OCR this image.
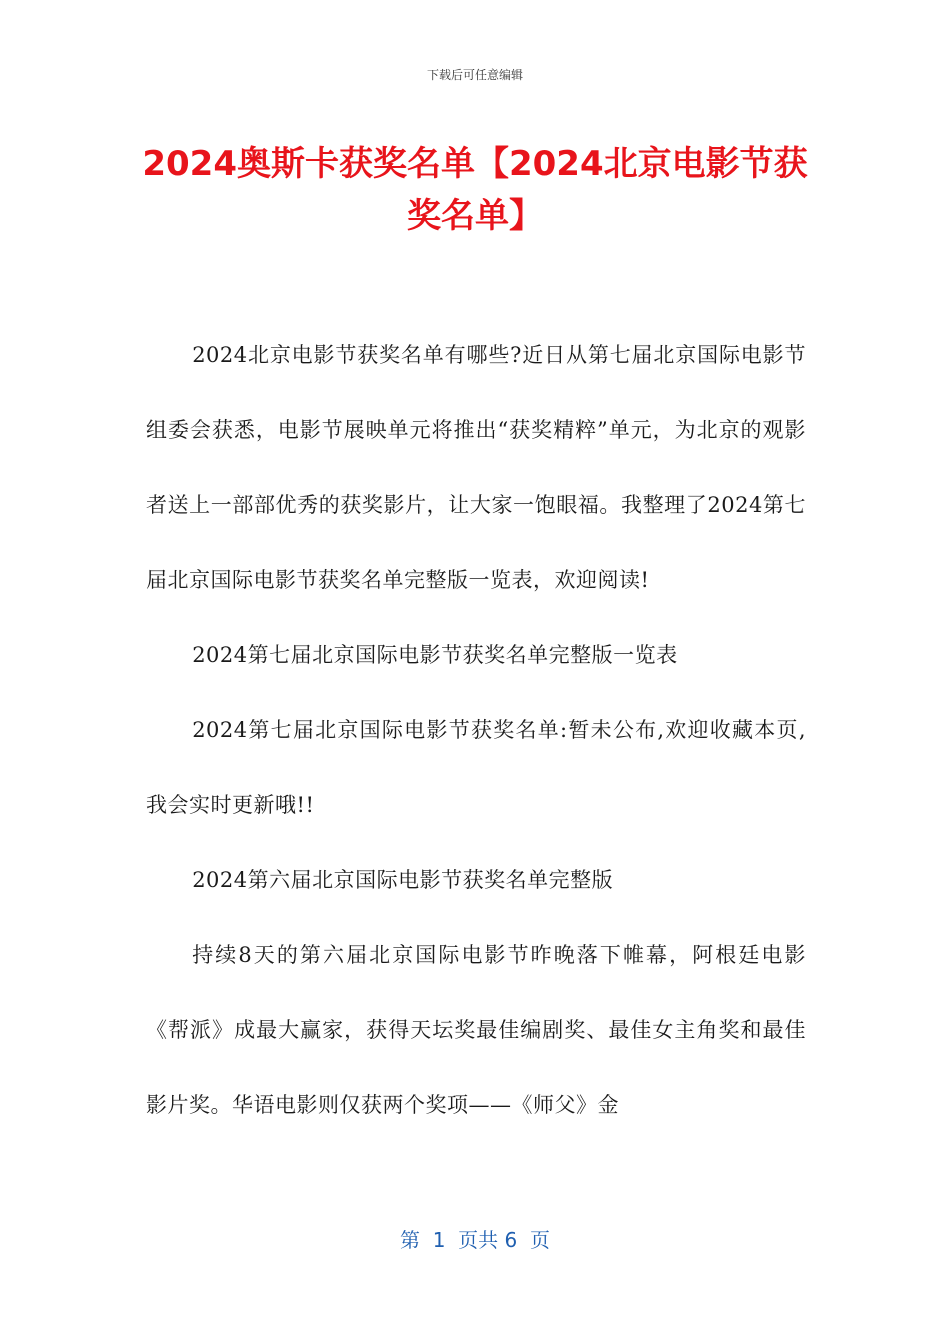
下载后可任意编辑
2024奥斯卡获奖名单【2024北京电影节获奖名单】

2024北京电影节获奖名单有哪些?近日从第七届北京国际电影节组委会获悉，电影节展映单元将推出“获奖精粹”单元，为北京的观影者送上一部部优秀的获奖影片，让大家一饱眼福。我整理了2024第七届北京国际电影节获奖名单完整版一览表，欢迎阅读!

2024第七届北京国际电影节获奖名单完整版一览表

2024第七届北京国际电影节获奖名单:暂未公布,欢迎收藏本页,我会实时更新哦!!

2024第六届北京国际电影节获奖名单完整版

持续8天的第六届北京国际电影节昨晚落下帷幕，阿根廷电影《帮派》成最大赢家，获得天坛奖最佳编剧奖、最佳女主角奖和最佳影片奖。华语电影则仅获两个奖项——《师父》金

第  1  页共 6  页
